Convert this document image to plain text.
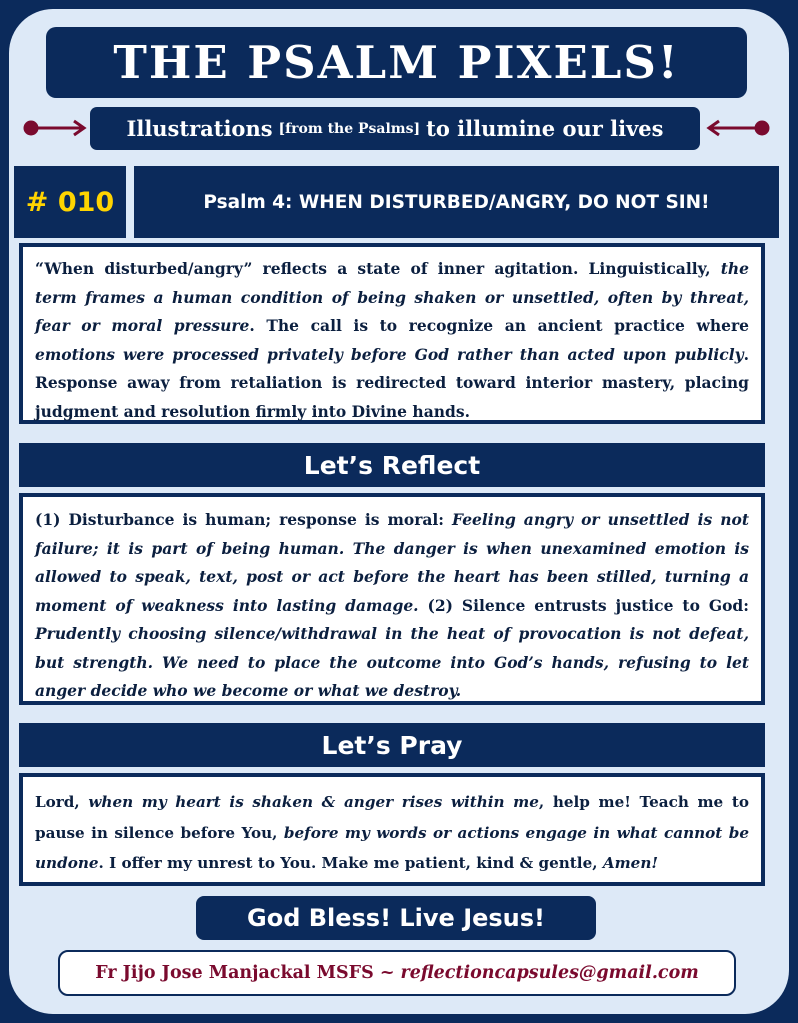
THE PSALM PIXELS!
Illustrations [from the Psalms] to illumine our lives
# 010	Psalm 4: WHEN DISTURBED/ANGRY, DO NOT SIN!
“When disturbed/angry” reflects a state of inner agitation. Linguistically, the term frames a human condition of being shaken or unsettled, often by threat, fear or moral pressure. The call is to recognize an ancient practice where emotions were processed privately before God rather than acted upon publicly. Response away from retaliation is redirected toward interior mastery, placing judgment and resolution firmly into Divine hands.
Let’s Reflect
(1) Disturbance is human; response is moral: Feeling angry or unsettled is not failure; it is part of being human. The danger is when unexamined emotion is allowed to speak, text, post or act before the heart has been stilled, turning a moment of weakness into lasting damage. (2) Silence entrusts justice to God: Prudently choosing silence/withdrawal in the heat of provocation is not defeat, but strength. We need to place the outcome into God’s hands, refusing to let anger decide who we become or what we destroy.
Let’s Pray
Lord, when my heart is shaken & anger rises within me, help me! Teach me to pause in silence before You, before my words or actions engage in what cannot be undone. I offer my unrest to You. Make me patient, kind & gentle, Amen!
God Bless! Live Jesus!
Fr Jijo Jose Manjackal MSFS ~ reflectioncapsules@gmail.com
